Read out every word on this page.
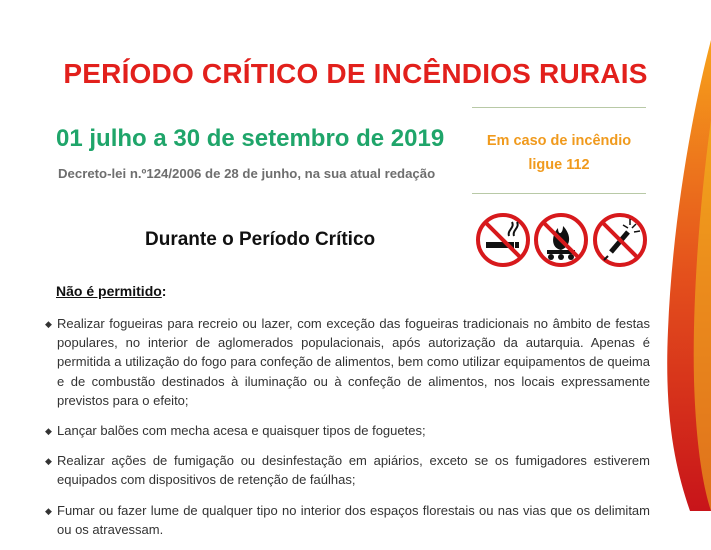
PERÍODO CRÍTICO DE INCÊNDIOS RURAIS
01 julho a 30 de setembro de 2019

Decreto-lei n.º124/2006 de 28 de junho, na sua atual redação

Em caso de incêndio
ligue 112
Durante o Período Crítico
Não é permitido:
◆ Realizar fogueiras para recreio ou lazer, com exceção das fogueiras tradicionais no âmbito de festas populares, no interior de aglomerados populacionais, após autorização da autarquia. Apenas é permitida a utilização do fogo para confeção de alimentos, bem como utilizar equipamentos de queima e de combustão destinados à iluminação ou à confeção de alimentos, nos locais expressamente previstos para o efeito;
◆ Lançar balões com mecha acesa e quaisquer tipos de foguetes;
◆ Realizar ações de fumigação ou desinfestação em apiários, exceto se os fumigadores estiverem equipados com dispositivos de retenção de faúlhas;
◆ Fumar ou fazer lume de qualquer tipo no interior dos espaços florestais ou nas vias que os delimitam ou os atravessam.
